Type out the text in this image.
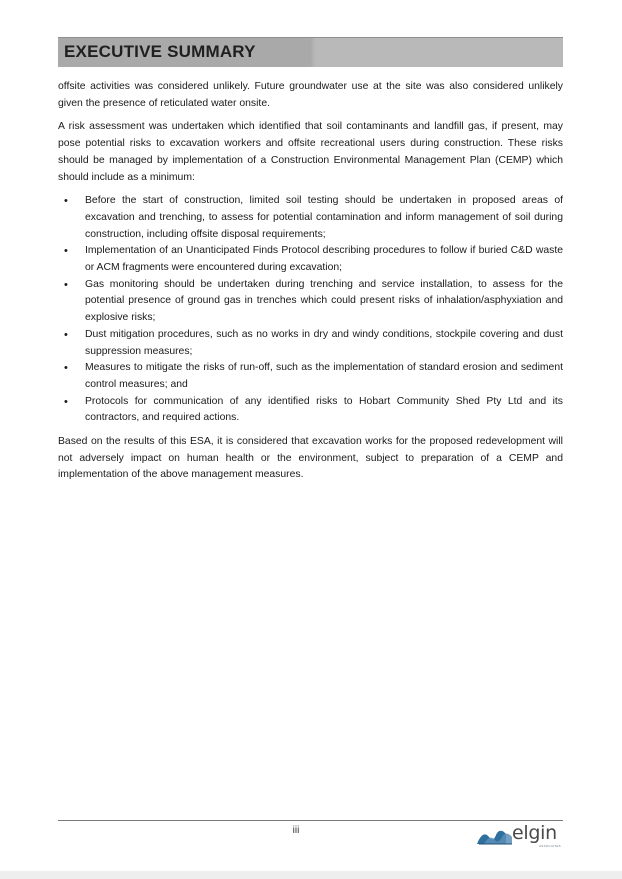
EXECUTIVE SUMMARY

offsite activities was considered unlikely. Future groundwater use at the site was also considered unlikely given the presence of reticulated water onsite.

A risk assessment was undertaken which identified that soil contaminants and landfill gas, if present, may pose potential risks to excavation workers and offsite recreational users during construction. These risks should be managed by implementation of a Construction Environmental Management Plan (CEMP) which should include as a minimum:

• Before the start of construction, limited soil testing should be undertaken in proposed areas of excavation and trenching, to assess for potential contamination and inform management of soil during construction, including offsite disposal requirements;
• Implementation of an Unanticipated Finds Protocol describing procedures to follow if buried C&D waste or ACM fragments were encountered during excavation;
• Gas monitoring should be undertaken during trenching and service installation, to assess for the potential presence of ground gas in trenches which could present risks of inhalation/asphyxiation and explosive risks;
• Dust mitigation procedures, such as no works in dry and windy conditions, stockpile covering and dust suppression measures;
• Measures to mitigate the risks of run-off, such as the implementation of standard erosion and sediment control measures; and
• Protocols for communication of any identified risks to Hobart Community Shed Pty Ltd and its contractors, and required actions.

Based on the results of this ESA, it is considered that excavation works for the proposed redevelopment will not adversely impact on human health or the environment, subject to preparation of a CEMP and implementation of the above management measures.

iii	elgin
ASSOCIATES
